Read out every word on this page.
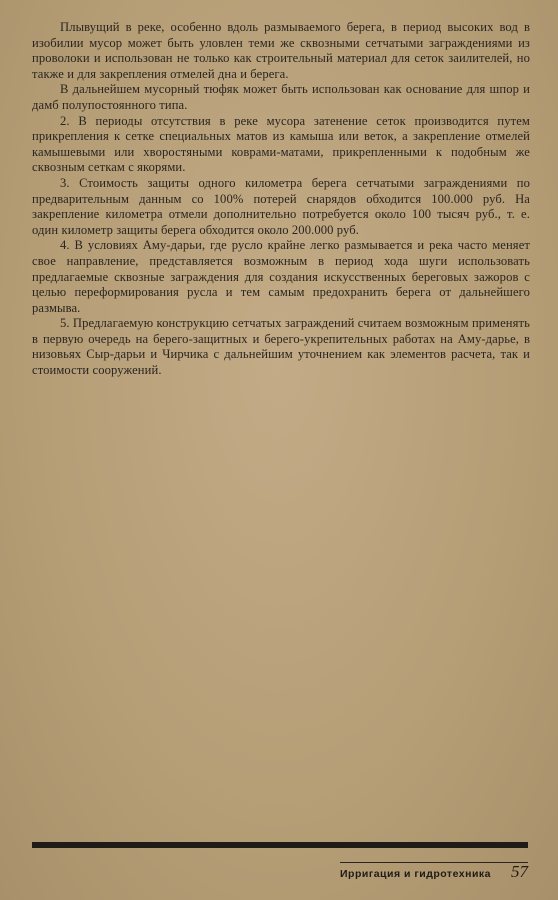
Плывущий в реке, особенно вдоль размываемого берега, в период высоких вод в изобилии мусор может быть уловлен теми же сквозными сетчатыми заграждениями из проволоки и использован не только как строительный материал для сеток заилителей, но также и для закрепления отмелей дна и берега.

В дальнейшем мусорный тюфяк может быть использован как основание для шпор и дамб полупостоянного типа.

2. В периоды отсутствия в реке мусора затенение сеток производится путем прикрепления к сетке специальных матов из камыша или веток, а закрепление отмелей камышевыми или хворостяными коврами-матами, прикрепленными к подобным же сквозным сеткам с якорями.

3. Стоимость защиты одного километра берега сетчатыми заграждениями по предварительным данным со 100% потерей снарядов обходится 100.000 руб. На закрепление километра отмели дополнительно потребуется около 100 тысяч руб., т. е. один километр защиты берега обходится около 200.000 руб.

4. В условиях Аму-дарьи, где русло крайне легко размывается и река часто меняет свое направление, представляется возможным в период хода шуги использовать предлагаемые сквозные заграждения для создания искусственных береговых зажоров с целью переформирования русла и тем самым предохранить берега от дальнейшего размыва.

5. Предлагаемую конструкцию сетчатых заграждений считаем возможным применять в первую очередь на берего-защитных и берего-укрепительных работах на Аму-дарье, в низовьях Сыр-дарьи и Чирчика с дальнейшим уточнением как элементов расчета, так и стоимости сооружений.

Ирригация и гидротехника 57
